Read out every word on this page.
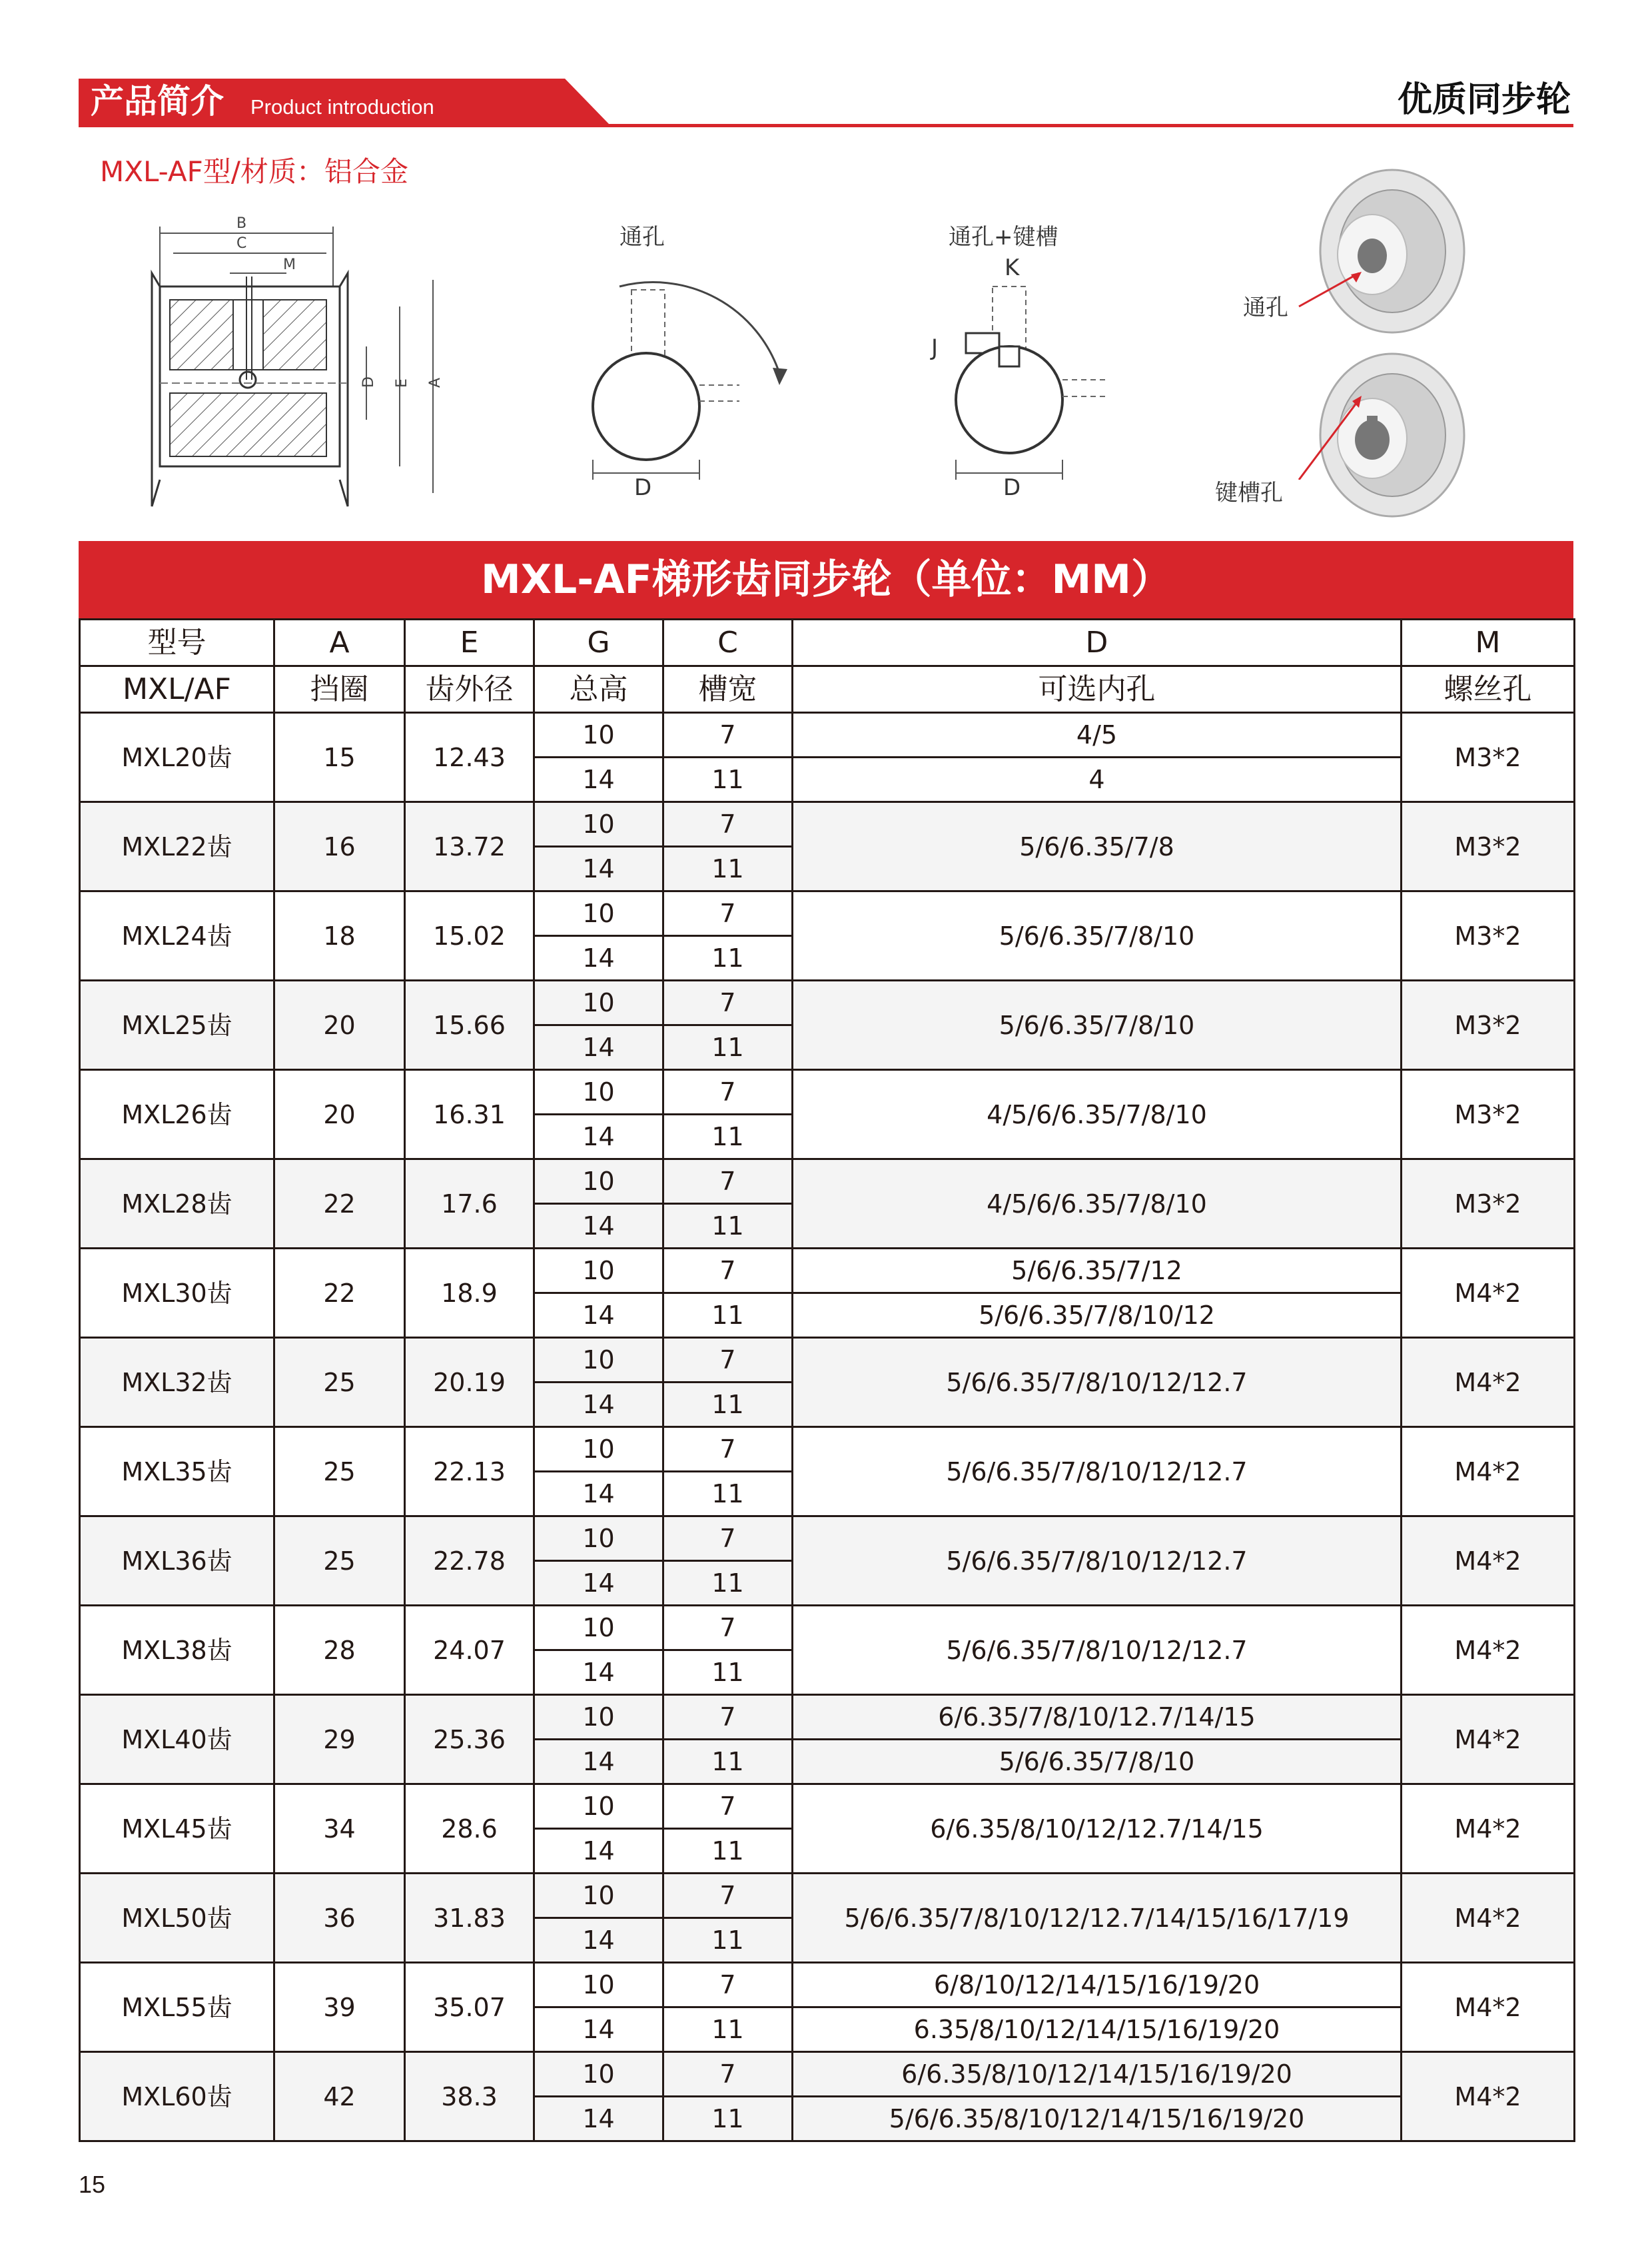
产品简介 Product introduction	优质同步轮
MXL-AF型/材质：铝合金
D E A
B
C
M
通孔
D
通孔+键槽
K
J
D
通孔
键槽孔
MXL-AF梯形齿同步轮（单位：MM）
型号	A	E	G	C	D	M
MXL/AF	挡圈	齿外径	总高	槽宽	可选内孔	螺丝孔
MXL20齿	15	12.43	10	7	4/5	M3*2
			14	11	4	
MXL22齿	16	13.72	10	7	5/6/6.35/7/8	M3*2
			14	11		
MXL24齿	18	15.02	10	7	5/6/6.35/7/8/10	M3*2
			14	11		
MXL25齿	20	15.66	10	7	5/6/6.35/7/8/10	M3*2
			14	11		
MXL26齿	20	16.31	10	7	4/5/6/6.35/7/8/10	M3*2
			14	11		
MXL28齿	22	17.6	10	7	4/5/6/6.35/7/8/10	M3*2
			14	11		
MXL30齿	22	18.9	10	7	5/6/6.35/7/12	M4*2
			14	11	5/6/6.35/7/8/10/12	
MXL32齿	25	20.19	10	7	5/6/6.35/7/8/10/12/12.7	M4*2
			14	11		
MXL35齿	25	22.13	10	7	5/6/6.35/7/8/10/12/12.7	M4*2
			14	11		
MXL36齿	25	22.78	10	7	5/6/6.35/7/8/10/12/12.7	M4*2
			14	11		
MXL38齿	28	24.07	10	7	5/6/6.35/7/8/10/12/12.7	M4*2
			14	11		
MXL40齿	29	25.36	10	7	6/6.35/7/8/10/12.7/14/15	M4*2
			14	11	5/6/6.35/7/8/10	
MXL45齿	34	28.6	10	7	6/6.35/8/10/12/12.7/14/15	M4*2
			14	11		
MXL50齿	36	31.83	10	7	5/6/6.35/7/8/10/12/12.7/14/15/16/17/19	M4*2
			14	11		
MXL55齿	39	35.07	10	7	6/8/10/12/14/15/16/19/20	M4*2
			14	11	6.35/8/10/12/14/15/16/19/20	
MXL60齿	42	38.3	10	7	6/6.35/8/10/12/14/15/16/19/20	M4*2
			14	11	5/6/6.35/8/10/12/14/15/16/19/20	
15
